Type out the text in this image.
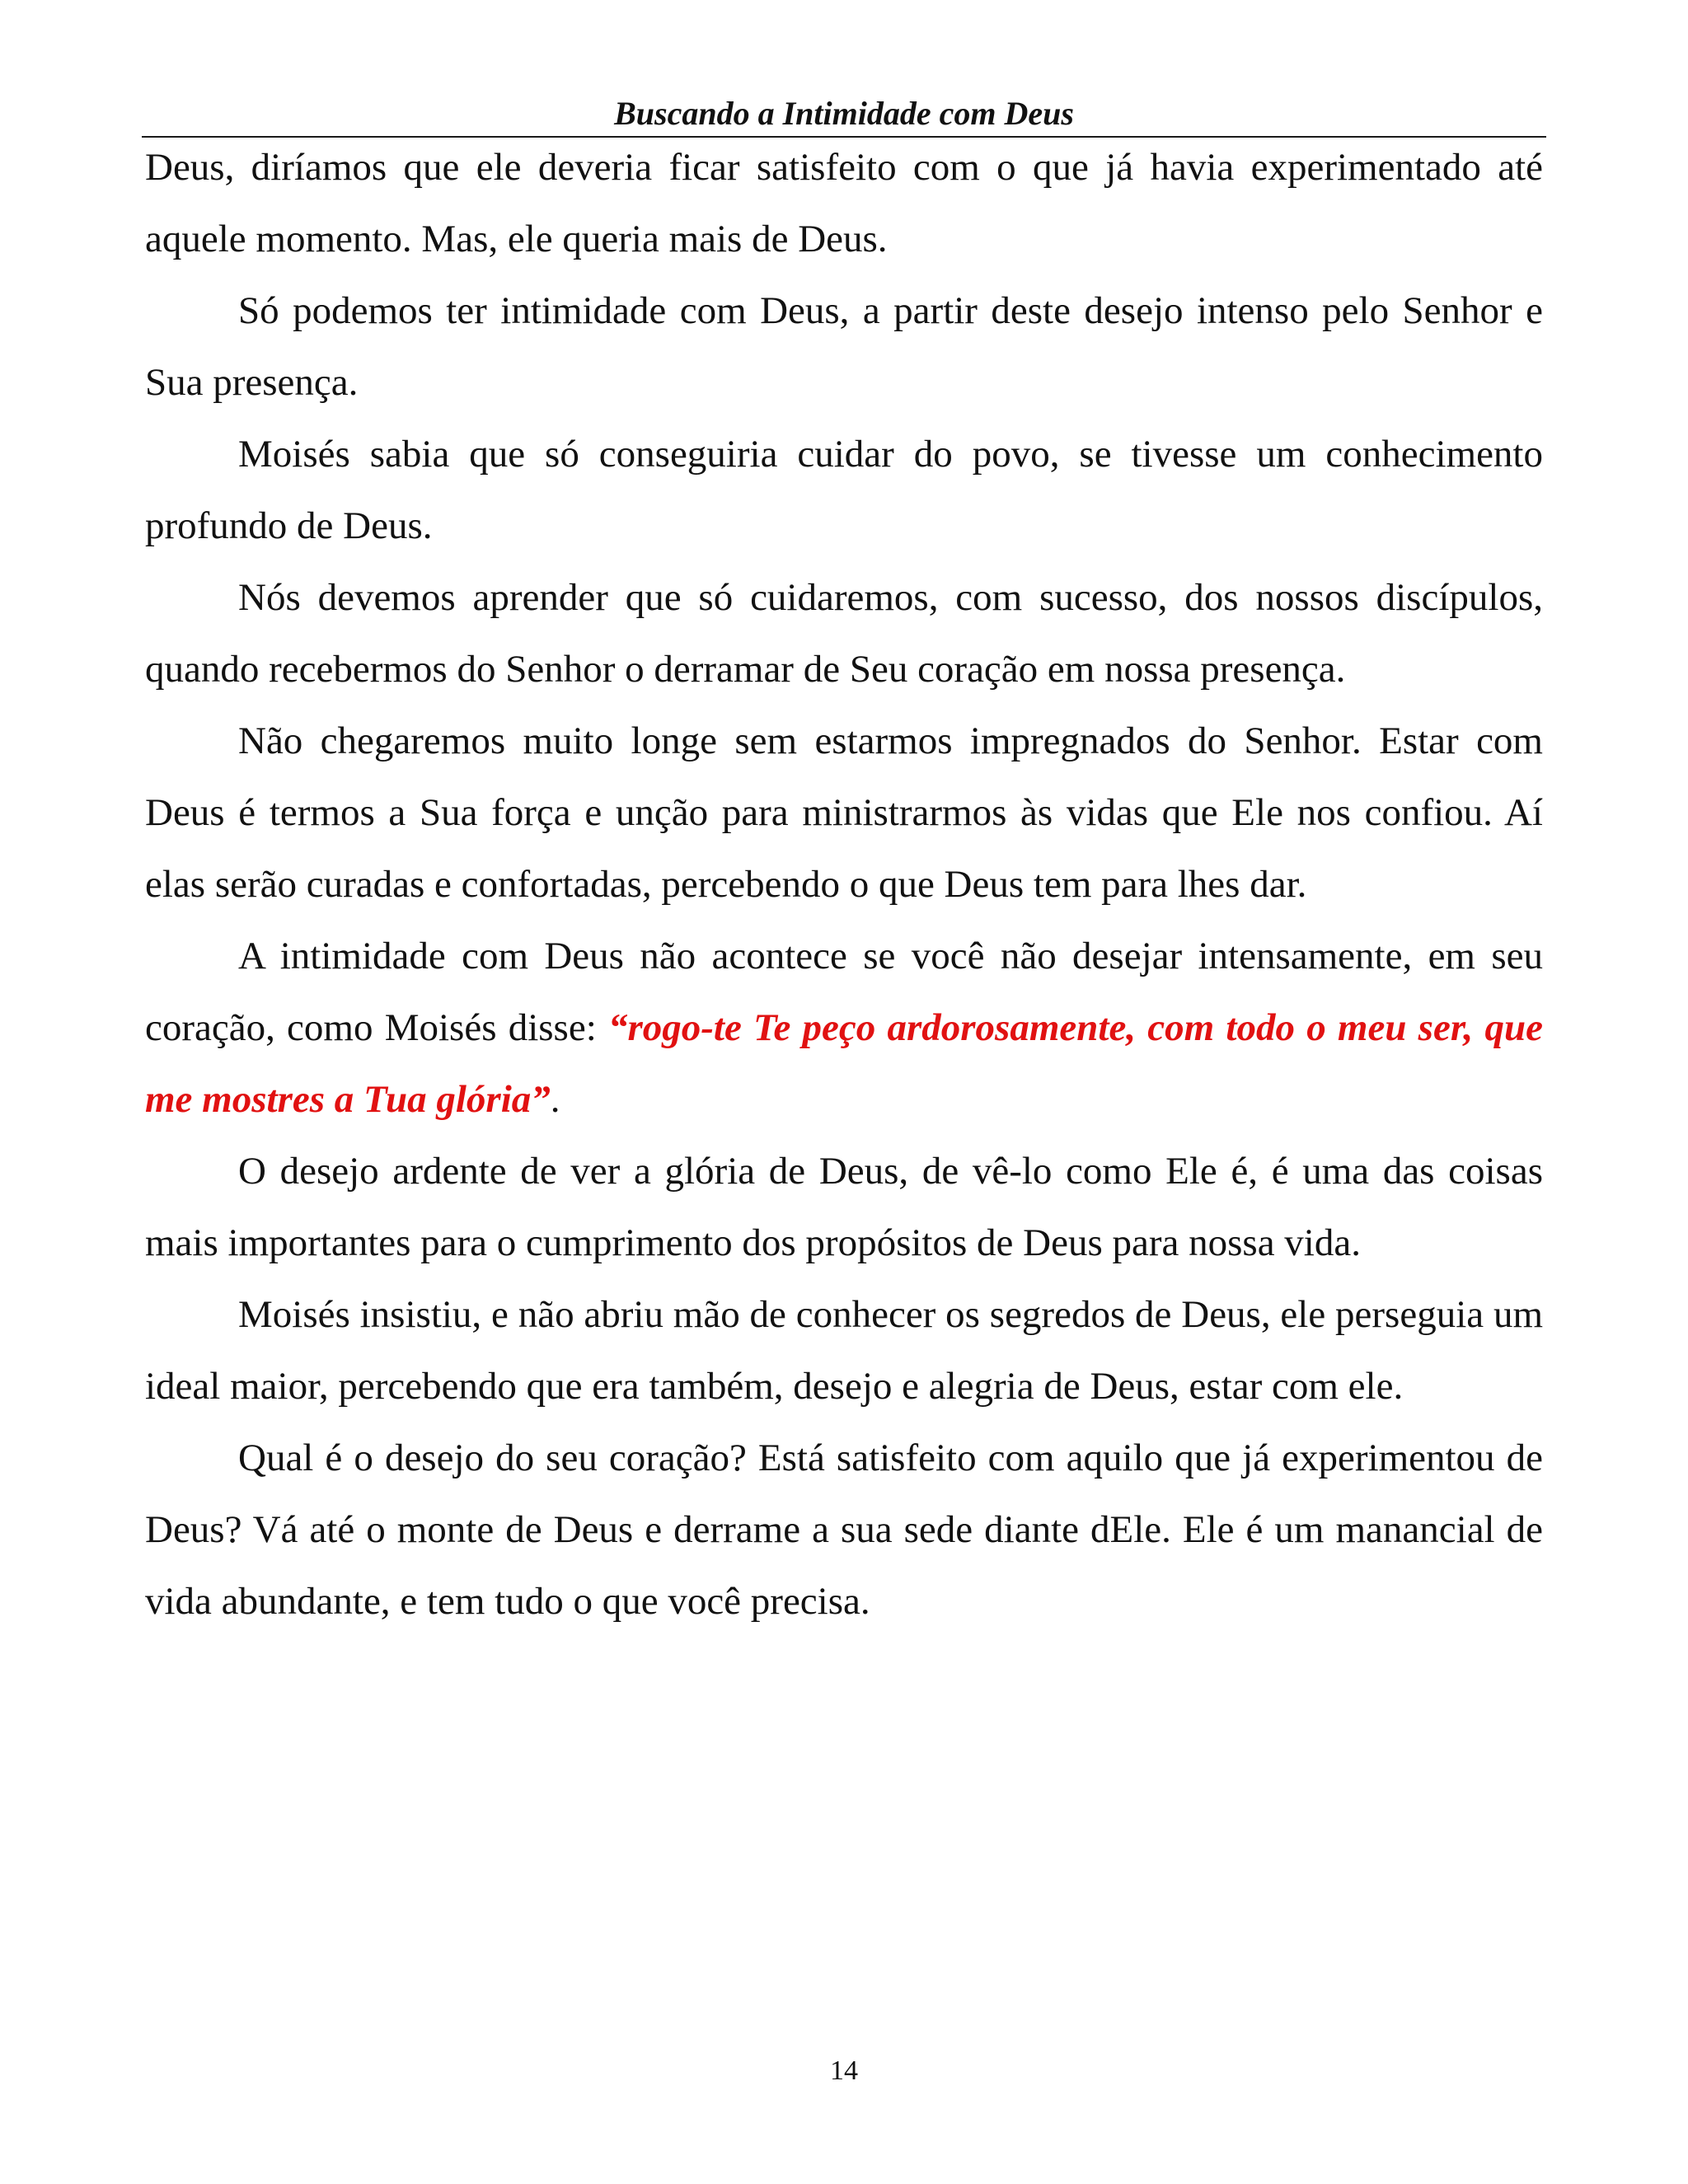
Buscando a Intimidade com Deus

Deus, diríamos que ele deveria ficar satisfeito com o que já havia experimentado até aquele momento. Mas, ele queria mais de Deus.

Só podemos ter intimidade com Deus, a partir deste desejo intenso pelo Senhor e Sua presença.

Moisés sabia que só conseguiria cuidar do povo, se tivesse um conhecimento profundo de Deus.

Nós devemos aprender que só cuidaremos, com sucesso, dos nossos discípulos, quando recebermos do Senhor o derramar de Seu coração em nossa presença.

Não chegaremos muito longe sem estarmos impregnados do Senhor. Estar com Deus é termos a Sua força e unção para ministrarmos às vidas que Ele nos confiou. Aí elas serão curadas e confortadas, percebendo o que Deus tem para lhes dar.

A intimidade com Deus não acontece se você não desejar intensamente, em seu coração, como Moisés disse: “rogo-te Te peço ardorosamente, com todo o meu ser, que me mostres a Tua glória”.

O desejo ardente de ver a glória de Deus, de vê-lo como Ele é, é uma das coisas mais importantes para o cumprimento dos propósitos de Deus para nossa vida.

Moisés insistiu, e não abriu mão de conhecer os segredos de Deus, ele perseguia um ideal maior, percebendo que era também, desejo e alegria de Deus, estar com ele.

Qual é o desejo do seu coração? Está satisfeito com aquilo que já experimentou de Deus? Vá até o monte de Deus e derrame a sua sede diante dEle. Ele é um manancial de vida abundante, e tem tudo o que você precisa.

14
